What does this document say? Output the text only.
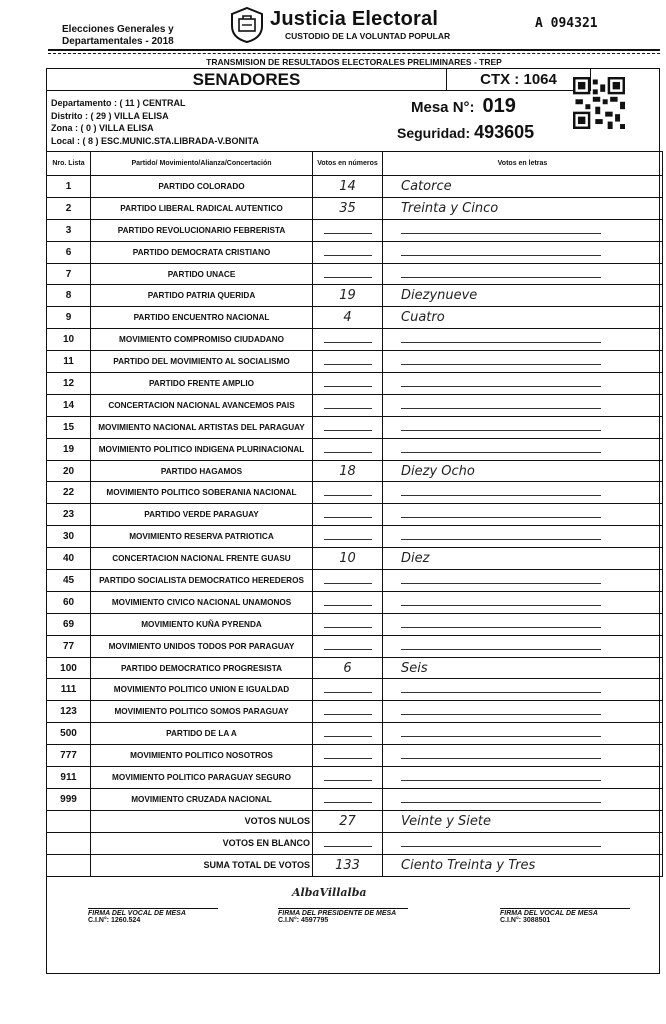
Elecciones Generales y
Departamentales - 2018
Justicia Electoral
CUSTODIO DE LA VOLUNTAD POPULAR
A 094321
TRANSMISION DE RESULTADOS ELECTORALES PRELIMINARES - TREP
SENADORES	CTX : 1064
Departamento : ( 11 ) CENTRAL
Distrito : ( 29 ) VILLA ELISA
Zona : ( 0 ) VILLA ELISA
Local : ( 8 ) ESC.MUNIC.STA.LIBRADA-V.BONITA
Mesa N°: 019
Seguridad: 493605
Nro. Lista	Partido/ Movimiento/Alianza/Concertación	Votos en números	Votos en letras
1	PARTIDO COLORADO	14	Catorce
2	PARTIDO LIBERAL RADICAL AUTENTICO	35	Treinta y Cinco
3	PARTIDO REVOLUCIONARIO FEBRERISTA		
6	PARTIDO DEMOCRATA CRISTIANO		
7	PARTIDO UNACE		
8	PARTIDO PATRIA QUERIDA	19	Diezynueve
9	PARTIDO ENCUENTRO NACIONAL	4	Cuatro
10	MOVIMIENTO COMPROMISO CIUDADANO		
11	PARTIDO DEL MOVIMIENTO AL SOCIALISMO		
12	PARTIDO FRENTE AMPLIO		
14	CONCERTACION NACIONAL AVANCEMOS PAIS		
15	MOVIMIENTO NACIONAL ARTISTAS DEL PARAGUAY		
19	MOVIMIENTO POLITICO INDIGENA PLURINACIONAL		
20	PARTIDO HAGAMOS	18	Diezy Ocho
22	MOVIMIENTO POLITICO SOBERANIA NACIONAL		
23	PARTIDO VERDE PARAGUAY		
30	MOVIMIENTO RESERVA PATRIOTICA		
40	CONCERTACION NACIONAL FRENTE GUASU	10	Diez
45	PARTIDO SOCIALISTA DEMOCRATICO HEREDEROS		
60	MOVIMIENTO CIVICO NACIONAL UNAMONOS		
69	MOVIMIENTO KUÑA PYRENDA		
77	MOVIMIENTO UNIDOS TODOS POR PARAGUAY		
100	PARTIDO DEMOCRATICO PROGRESISTA	6	Seis
111	MOVIMIENTO POLITICO UNION E IGUALDAD		
123	MOVIMIENTO POLITICO SOMOS PARAGUAY		
500	PARTIDO DE LA A		
777	MOVIMIENTO POLITICO NOSOTROS		
911	MOVIMIENTO POLITICO PARAGUAY SEGURO		
999	MOVIMIENTO CRUZADA NACIONAL		
	VOTOS NULOS	27	Veinte y Siete
	VOTOS EN BLANCO		
	SUMA TOTAL DE VOTOS	133	Ciento Treinta y Tres
FIRMA DEL VOCAL DE MESA
C.I.N°: 1260.524
AlbaVillalba
FIRMA DEL PRESIDENTE DE MESA
C.I.N°: 4597795
FIRMA DEL VOCAL DE MESA
C.I.N°: 3088501
